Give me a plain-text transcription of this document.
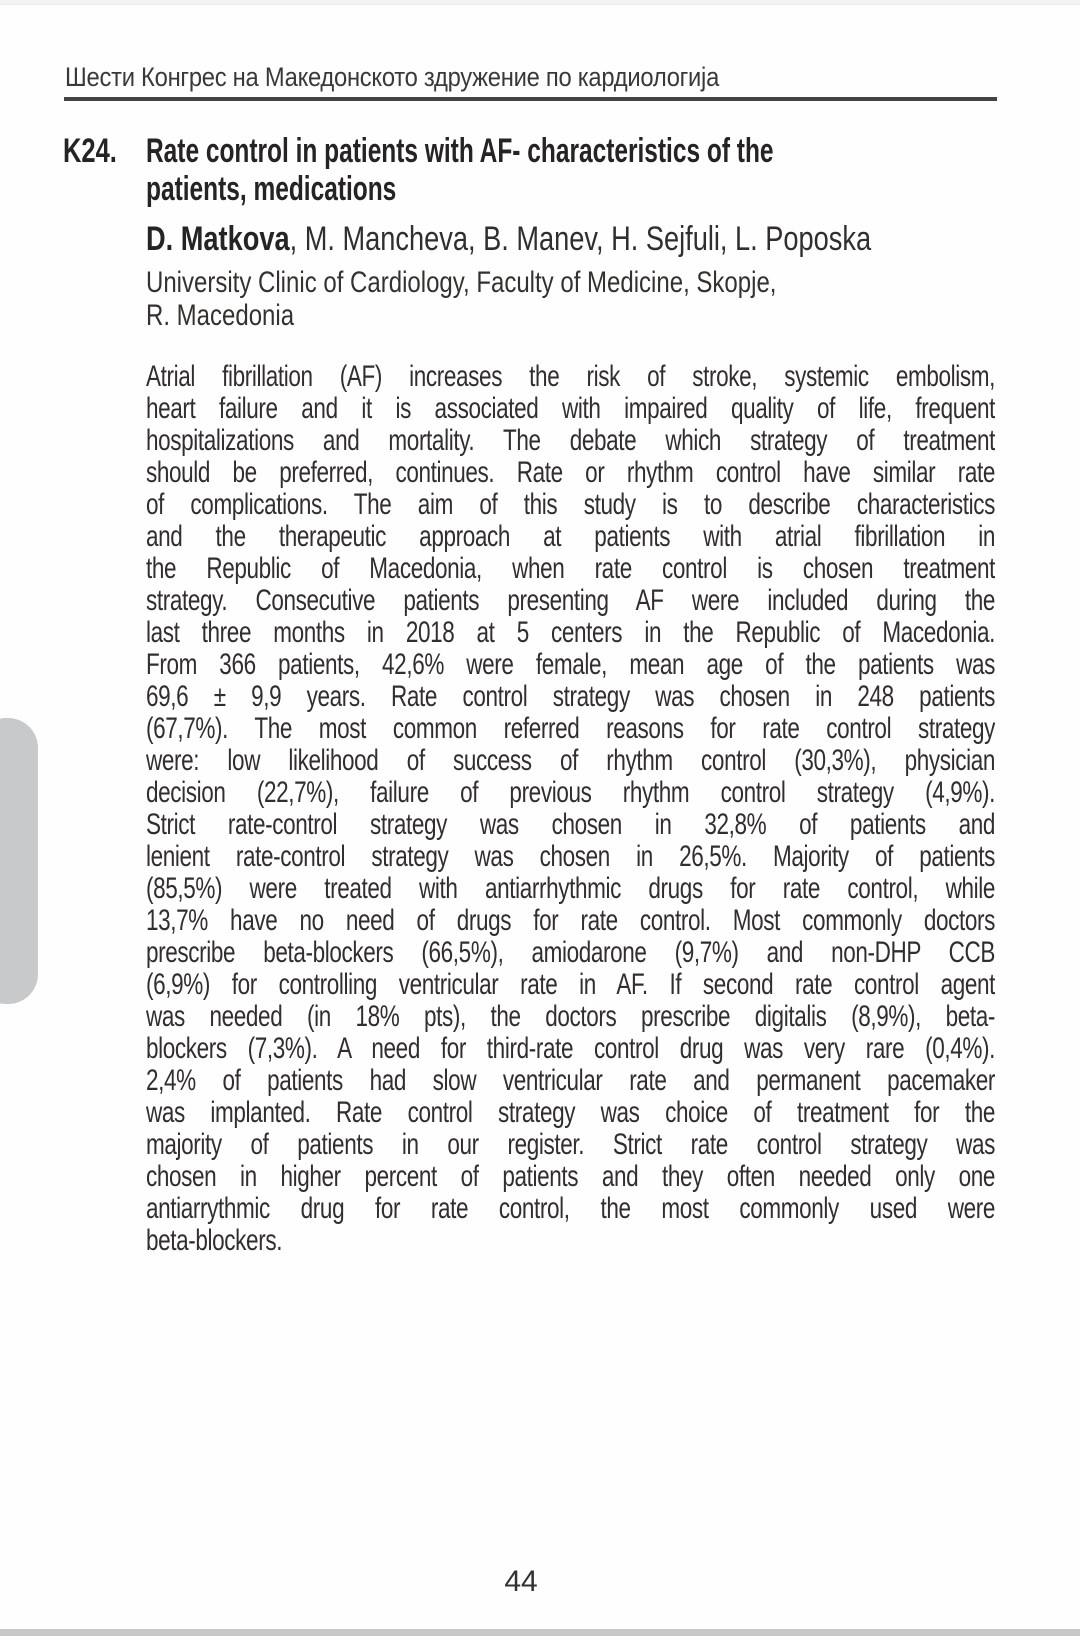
Шести Конгрес на Македонското здружение по кардиологија
K24. Rate control in patients with AF- characteristics of the
patients, medications
D. Matkova, M. Mancheva, B. Manev, H. Sejfuli, L. Poposka
University Clinic of Cardiology, Faculty of Medicine, Skopje,
R. Macedonia
Atrial fibrillation (AF) increases the risk of stroke, systemic embolism,
heart failure and it is associated with impaired quality of life, frequent
hospitalizations and mortality. The debate which strategy of treatment
should be preferred, continues. Rate or rhythm control have similar rate
of complications. The aim of this study is to describe characteristics
and the therapeutic approach at patients with atrial fibrillation in
the Republic of Macedonia, when rate control is chosen treatment
strategy. Consecutive patients presenting AF were included during the
last three months in 2018 at 5 centers in the Republic of Macedonia.
From 366 patients, 42,6% were female, mean age of the patients was
69,6 ± 9,9 years. Rate control strategy was chosen in 248 patients
(67,7%). The most common referred reasons for rate control strategy
were: low likelihood of success of rhythm control (30,3%), physician
decision (22,7%), failure of previous rhythm control strategy (4,9%).
Strict rate-control strategy was chosen in 32,8% of patients and
lenient rate-control strategy was chosen in 26,5%. Majority of patients
(85,5%) were treated with antiarrhythmic drugs for rate control, while
13,7% have no need of drugs for rate control. Most commonly doctors
prescribe beta-blockers (66,5%), amiodarone (9,7%) and non-DHP CCB
(6,9%) for controlling ventricular rate in AF. If second rate control agent
was needed (in 18% pts), the doctors prescribe digitalis (8,9%), beta-
blockers (7,3%). A need for third-rate control drug was very rare (0,4%).
2,4% of patients had slow ventricular rate and permanent pacemaker
was implanted. Rate control strategy was choice of treatment for the
majority of patients in our register. Strict rate control strategy was
chosen in higher percent of patients and they often needed only one
antiarrythmic drug for rate control, the most commonly used were
beta-blockers.
44
